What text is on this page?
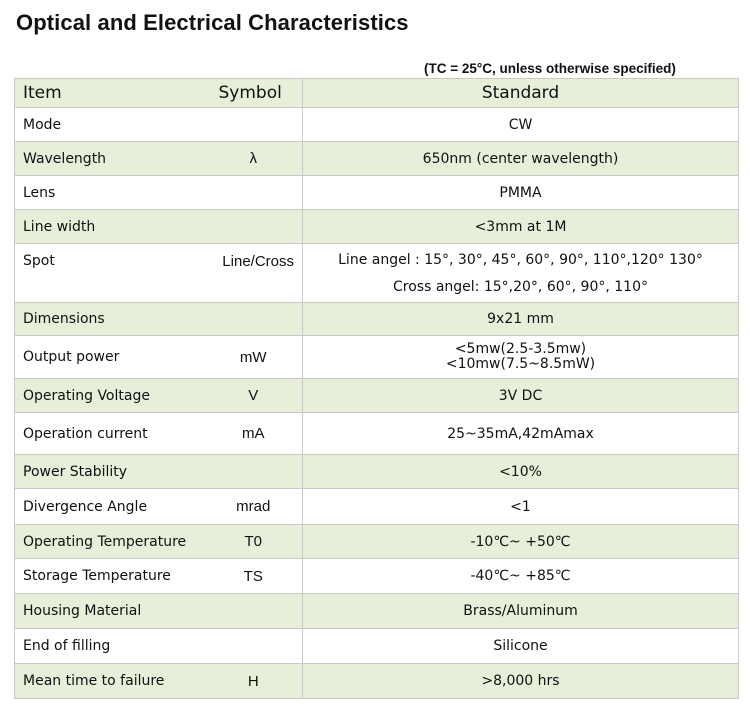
Optical and Electrical Characteristics
(TC = 25°C, unless otherwise specified)
Item	Symbol	Standard
Mode		CW
Wavelength	λ	650nm (center wavelength)
Lens		PMMA
Line width		<3mm at 1M
Spot	Line/Cross	Line angel : 15°, 30°, 45°, 60°, 90°, 110°,120° 130°
Cross angel: 15°,20°, 60°, 90°, 110°

Dimensions		9x21 mm
Output power	mW	<5mw(2.5-3.5mw)
<10mw(7.5~8.5mW)

Operating Voltage	V	3V DC
Operation current	mA	25~35mA,42mAmax
Power Stability		<10%
Divergence Angle	mrad	<1
Operating Temperature	T0	-10℃~ +50℃
Storage Temperature	TS	-40℃~ +85℃
Housing Material		Brass/Aluminum
End of filling		Silicone
Mean time to failure	H	>8,000 hrs
